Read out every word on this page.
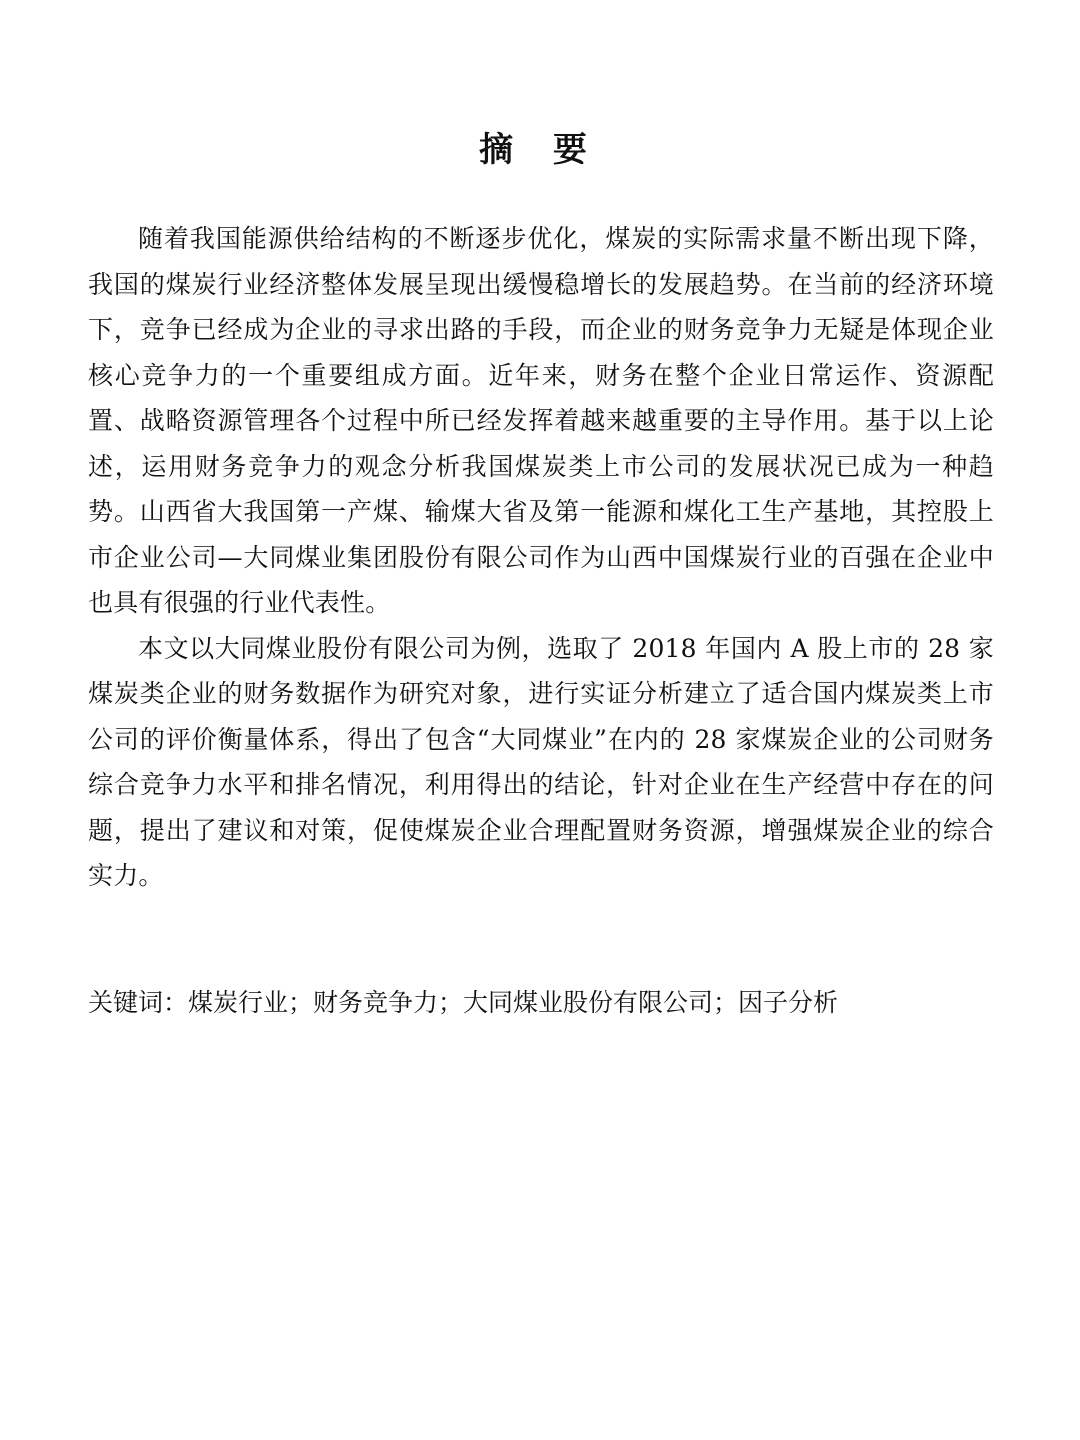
摘 要

随着我国能源供给结构的不断逐步优化，煤炭的实际需求量不断出现下降，我国的煤炭行业经济整体发展呈现出缓慢稳增长的发展趋势。在当前的经济环境下，竞争已经成为企业的寻求出路的手段，而企业的财务竞争力无疑是体现企业核心竞争力的一个重要组成方面。近年来，财务在整个企业日常运作、资源配置、战略资源管理各个过程中所已经发挥着越来越重要的主导作用。基于以上论述，运用财务竞争力的观念分析我国煤炭类上市公司的发展状况已成为一种趋势。山西省大我国第一产煤、输煤大省及第一能源和煤化工生产基地，其控股上市企业公司—大同煤业集团股份有限公司作为山西中国煤炭行业的百强在企业中也具有很强的行业代表性。

本文以大同煤业股份有限公司为例，选取了 2018 年国内 A 股上市的 28 家煤炭类企业的财务数据作为研究对象，进行实证分析建立了适合国内煤炭类上市公司的评价衡量体系，得出了包含“大同煤业”在内的 28 家煤炭企业的公司财务综合竞争力水平和排名情况，利用得出的结论，针对企业在生产经营中存在的问题，提出了建议和对策，促使煤炭企业合理配置财务资源，增强煤炭企业的综合实力。

关键词：煤炭行业；财务竞争力；大同煤业股份有限公司；因子分析
